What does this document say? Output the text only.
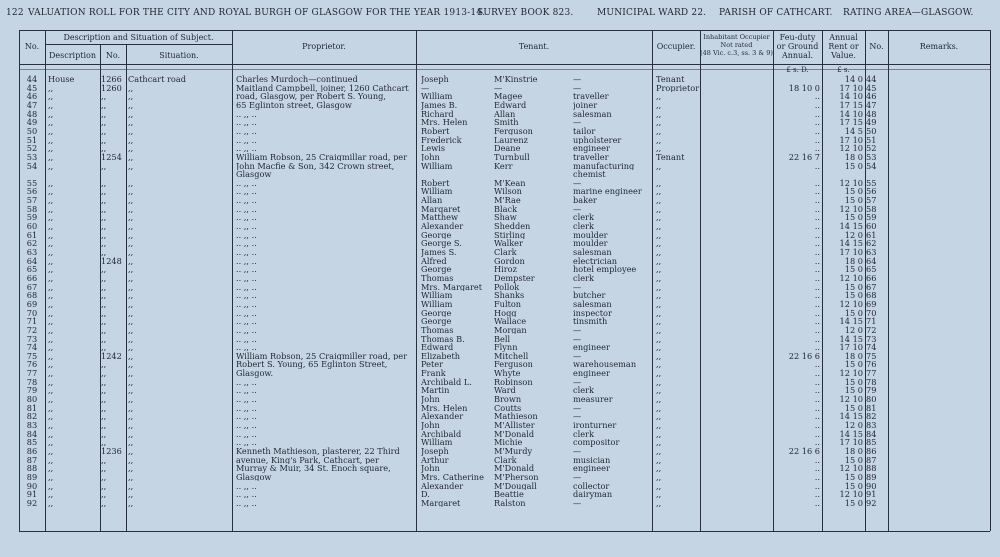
122 VALUATION ROLL FOR THE CITY AND ROYAL BURGH OF GLASGOW FOR THE YEAR 1913-14.
SURVEY BOOK 823.	MUNICIPAL WARD 22. PARISH OF CATHCART. RATING AREA—GLASGOW.
No.
Description and Situation of Subject.
Description	No.	Situation.
Proprietor.	Tenant.	Occupier.
Inhabitant Occupier
Not rated
(48 Vic. c.3, ss. 3 & 9)
Feu-duty
or Ground
Annual.
Annual
Rent or
Value.
No.	Remarks.
£ s. D.	£ s.
44	House	1266 Cathcart road	Charles Murdoch—continued	Joseph	M'Kinstrie	—	Tenant	14 0 44
45	,,	1260 ,,	Maitland Campbell, joiner, 1260 Cathcart	—	—	—	Proprietor	18 10 0	17 10 45
46	,,	,,	,,	road, Glasgow, per Robert S. Young,	William	Magee	traveller	,,	..	14 10 46
47	,,	,,	,,	65 Eglinton street, Glasgow	James B.	Edward	joiner	,,	..	17 15 47
48	,,	,,	,,	.. ,, ..	Richard	Allan	salesman	,,	..	14 10 48
49	,,	,,	,,	.. ,, ..	Mrs. Helen	Smith	—	,,	..	17 15 49
50	,,	,,	,,	.. ,, ..	Robert	Ferguson	tailor	,,	..	14 5 50
51	,,	,,	,,	.. ,, ..	Frederick	Laurenz	upholsterer	,,	..	17 10 51
52	,,	,,	,,	.. ,, ..	Lewis	Deane	engineer	,,	..	12 10 52
53	,,	1254 ,,	William Robson, 25 Craigmillar road, per	John	Turnbull	traveller	Tenant	22 16 7	18 0 53
54	,,	,,	,,	John Macfie & Son, 342 Crown street,	William	Kerr	manufacturing	,,	..	15 0 54
Glasgow	chemist
55	,,	,,	,,	.. ,, ..	Robert	M'Kean	—	,,	..	12 10 55
56	,,	,,	,,	.. ,, ..	William	Wilson	marine engineer	,,	..	15 0 56
57	,,	,,	,,	.. ,, ..	Allan	M'Rae	baker	,,	..	15 0 57
58	,,	,,	,,	.. ,, ..	Margaret	Black	—	,,	..	12 10 58
59	,,	,,	,,	.. ,, ..	Matthew	Shaw	clerk	,,	..	15 0 59
60	,,	,,	,,	.. ,, ..	Alexander	Shedden	clerk	,,	..	14 15 60
61	,,	,,	,,	.. ,, ..	George	Stirling	moulder	,,	..	12 0 61
62	,,	,,	,,	.. ,, ..	George S.	Walker	moulder	,,	..	14 15 62
63	,,	,,	,,	.. ,, ..	James S.	Clark	salesman	,,	..	17 10 63
64	,,	1248 ,,	.. ,, ..	Alfred	Gordon	electrician	,,	..	18 0 64
65	,,	,,	,,	.. ,, ..	George	Hiroz	hotel employee	,,	..	15 0 65
66	,,	,,	,,	.. ,, ..	Thomas	Dempster	clerk	,,	..	12 10 66
67	,,	,,	,,	.. ,, ..	Mrs. Margaret	Pollok	—	,,	..	15 0 67
68	,,	,,	,,	.. ,, ..	William	Shanks	butcher	,,	..	15 0 68
69	,,	,,	,,	.. ,, ..	William	Fulton	salesman	,,	..	12 10 69
70	,,	,,	,,	.. ,, ..	George	Hogg	inspector	,,	..	15 0 70
71	,,	,,	,,	.. ,, ..	George	Wallace	tinsmith	,,	..	14 15 71
72	,,	,,	,,	.. ,, ..	Thomas	Morgan	—	,,	..	12 0 72
73	,,	,,	,,	.. ,, ..	Thomas B.	Bell	—	,,	..	14 15 73
74	,,	,,	,,	.. ,, ..	Edward	Flynn	engineer	,,	..	17 10 74
75	,,	1242 ,,	William Robson, 25 Craigmiller road, per	Elizabeth	Mitchell	—	,,	22 16 6	18 0 75
76	,,	,,	,,	Robert S. Young, 65 Eglinton Street,	Peter	Ferguson	warehouseman	,,	..	15 0 76
77	,,	,,	,,	Glasgow.	Frank	Whyte	engineer	,,	..	12 10 77
78	,,	,,	,,	.. ,, ..	Archibald L.	Robinson	—	,,	..	15 0 78
79	,,	,,	,,	.. ,, ..	Martin	Ward	clerk	,,	..	15 0 79
80	,,	,,	,,	.. ,, ..	John	Brown	measurer	,,	..	12 10 80
81	,,	,,	,,	.. ,, ..	Mrs. Helen	Coutts	—	,,	..	15 0 81
82	,,	,,	,,	.. ,, ..	Alexander	Mathieson	—	,,	..	14 15 82
83	,,	,,	,,	.. ,, ..	John	M'Allister	ironturner	,,	..	12 0 83
84	,,	,,	,,	.. ,, ..	Archibald	M'Donald	clerk	,,	..	14 15 84
85	,,	,,	,,	.. ,, ..	William	Michie	compositor	,,	..	17 10 85
86	,,	1236 ,,	Kenneth Mathieson, plasterer, 22 Third	Joseph	M'Murdy	—	,,	22 16 6	18 0 86
87	,,	,,	,,	avenue, King's Park, Cathcart, per	Arthur	Clark	musician	,,	..	15 0 87
88	,,	,,	,,	Murray & Muir, 34 St. Enoch square,	John	M'Donald	engineer	,,	..	12 10 88
89	,,	,,	,,	Glasgow	Mrs. Catherine	M'Pherson	—	,,	..	15 0 89
90	,,	,,	,,	.. ,, ..	Alexander	M'Dougall	collector	,,	..	15 0 90
91	,,	,,	,,	.. ,, ..	D.	Beattie	dairyman	,,	..	12 10 91
92	,,	,,	,,	.. ,, ..	Margaret	Ralston	—	,,	..	15 0 92
